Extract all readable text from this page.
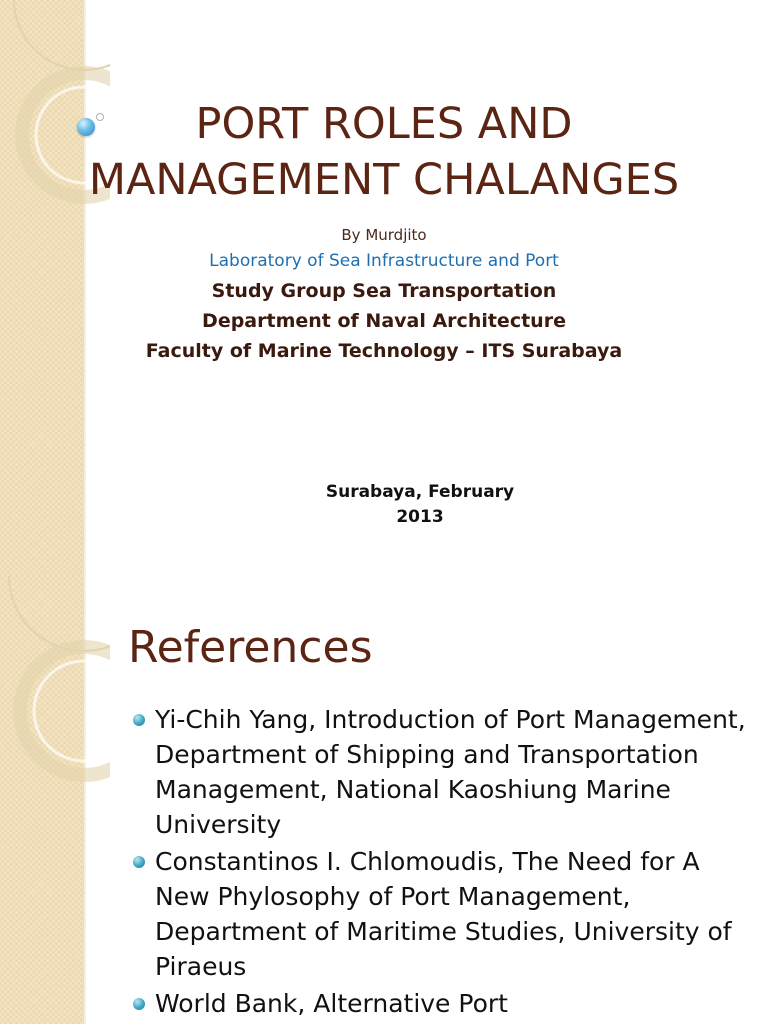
PORT ROLES AND
MANAGEMENT CHALANGES
By Murdjito
Laboratory of Sea Infrastructure and Port
Study Group Sea Transportation
Department of Naval Architecture
Faculty of Marine Technology – ITS Surabaya
Surabaya, February
2013
References
Yi-Chih Yang, Introduction of Port Management, Department of Shipping and Transportation Management, National Kaoshiung Marine University
Constantinos I. Chlomoudis, The Need for A New Phylosophy of Port Management, Department of Maritime Studies, University of Piraeus
World Bank, Alternative Port
